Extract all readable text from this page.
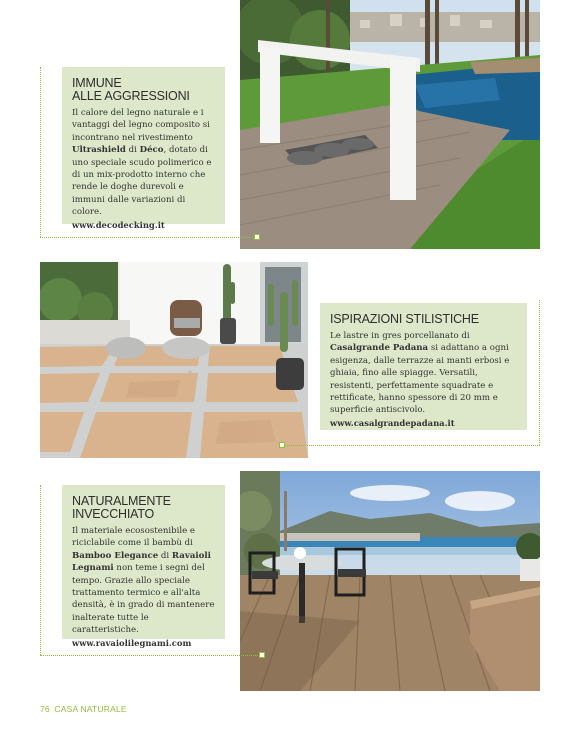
IMMUNE
ALLE AGGRESSIONI

Il calore del legno naturale e i vantaggi del legno composito si incontrano nel rivestimento Ultrashield di Déco, dotato di uno speciale scudo polimerico e di un mix-prodotto interno che rende le doghe durevoli e immuni dalle variazioni di colore.
www.decodecking.it

ISPIRAZIONI STILISTICHE

Le lastre in gres porcellanato di Casalgrande Padana si adattano a ogni esigenza, dalle terrazze ai manti erbosi e ghiaia, fino alle spiagge. Versatili, resistenti, perfettamente squadrate e rettificate, hanno spessore di 20 mm e superficie antiscivolo.
www.casalgrandepadana.it

NATURALMENTE
INVECCHIATO

Il materiale ecosostenibile e riciclabile come il bambù di Bamboo Elegance di Ravaioli Legnami non teme i segni del tempo. Grazie allo speciale trattamento termico e all'alta densità, è in grado di mantenere inalterate tutte le caratteristiche.
www.ravaiolilegnami.com

76 CASA NATURALE
